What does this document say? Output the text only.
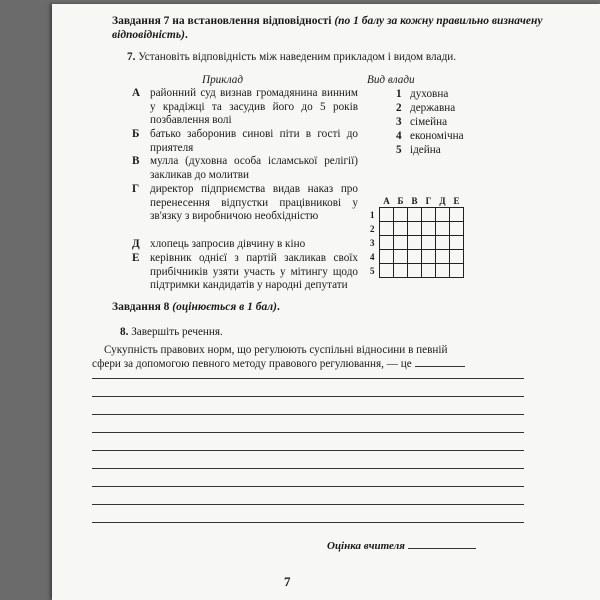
Завдання 7 на встановлення відповідності (по 1 балу за кожну правильно визначену відповідність).
7. Установіть відповідність між наведеним прикладом і видом влади.
Приклад	Вид влади
А районний суд визнав громадянина винним у крадіжці та засудив його до 5 років позбавлення волі
Б батько заборонив синові піти в гості до приятеля
В мулла (духовна особа ісламської релігії) закликав до молитви
Г директор підприємства видав наказ про перенесення відпустки працівникові у зв'язку з виробничою необхідністю
Д хлопець запросив дівчину в кіно
Е керівник однієї з партій закликав своїх прибічників узяти участь у мітингу щодо підтримки кандидатів у народні депутати
1 духовна
2 державна
3 сімейна
4 економічна
5 ідейна
	А	Б	В	Г	Д	Е
1						
2						
3						
4						
5						
Завдання 8 (оцінюється в 1 бал).
8. Завершіть речення.
Сукупність правових норм, що регулюють суспільні відносини в певній
сфери за допомогою певного методу правового регулювання, — це
Оцінка вчителя
7
